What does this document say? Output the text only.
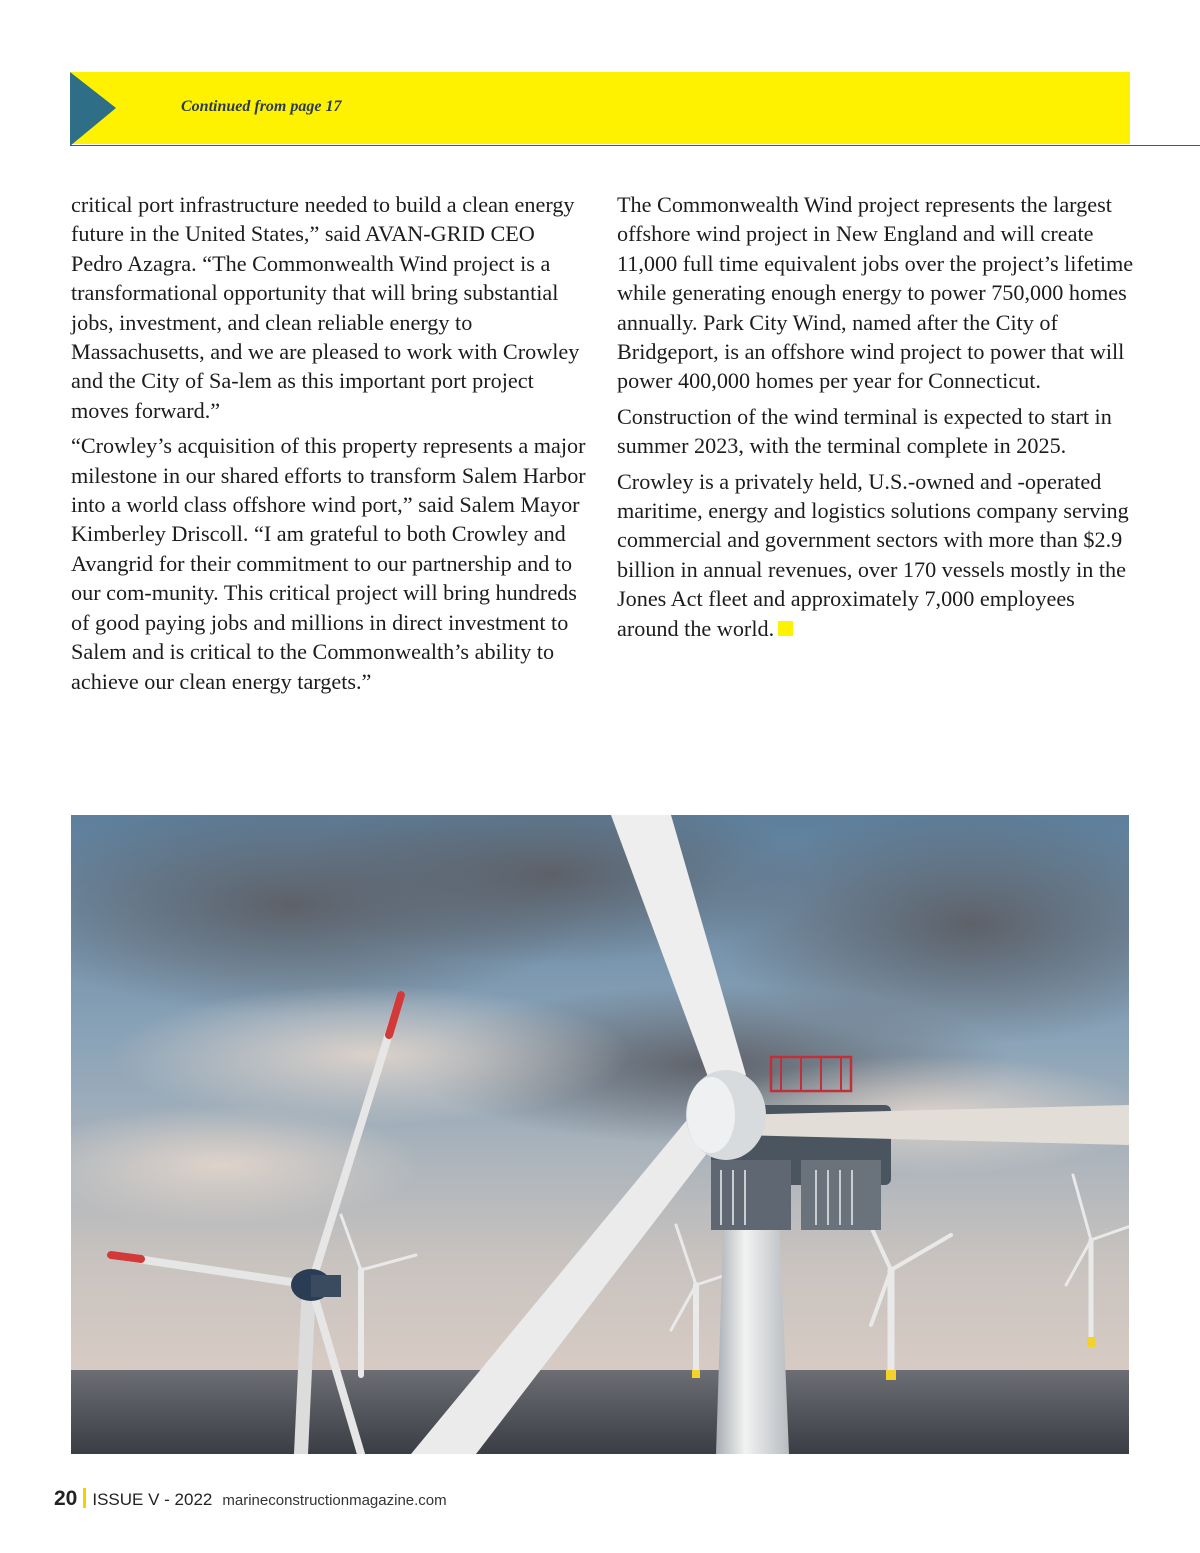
Continued from page 17

critical port infrastructure needed to build a clean energy future in the United States,” said AVAN-GRID CEO Pedro Azagra. “The Commonwealth Wind project is a transformational opportunity that will bring substantial jobs, investment, and clean reliable energy to Massachusetts, and we are pleased to work with Crowley and the City of Sa-lem as this important port project moves forward.”

“Crowley’s acquisition of this property represents a major milestone in our shared efforts to transform Salem Harbor into a world class offshore wind port,” said Salem Mayor Kimberley Driscoll. “I am grateful to both Crowley and Avangrid for their commitment to our partnership and to our com-munity. This critical project will bring hundreds of good paying jobs and millions in direct investment to Salem and is critical to the Commonwealth’s ability to achieve our clean energy targets.”

The Commonwealth Wind project represents the largest offshore wind project in New England and will create 11,000 full time equivalent jobs over the project’s lifetime while generating enough energy to power 750,000 homes annually. Park City Wind, named after the City of Bridgeport, is an offshore wind project to power that will power 400,000 homes per year for Connecticut.

Construction of the wind terminal is expected to start in summer 2023, with the terminal complete in 2025.

Crowley is a privately held, U.S.-owned and -operated maritime, energy and logistics solutions company serving commercial and government sectors with more than $2.9 billion in annual revenues, over 170 vessels mostly in the Jones Act fleet and approximately 7,000 employees around the world.

20 ISSUE V - 2022 marineconstructionmagazine.com
